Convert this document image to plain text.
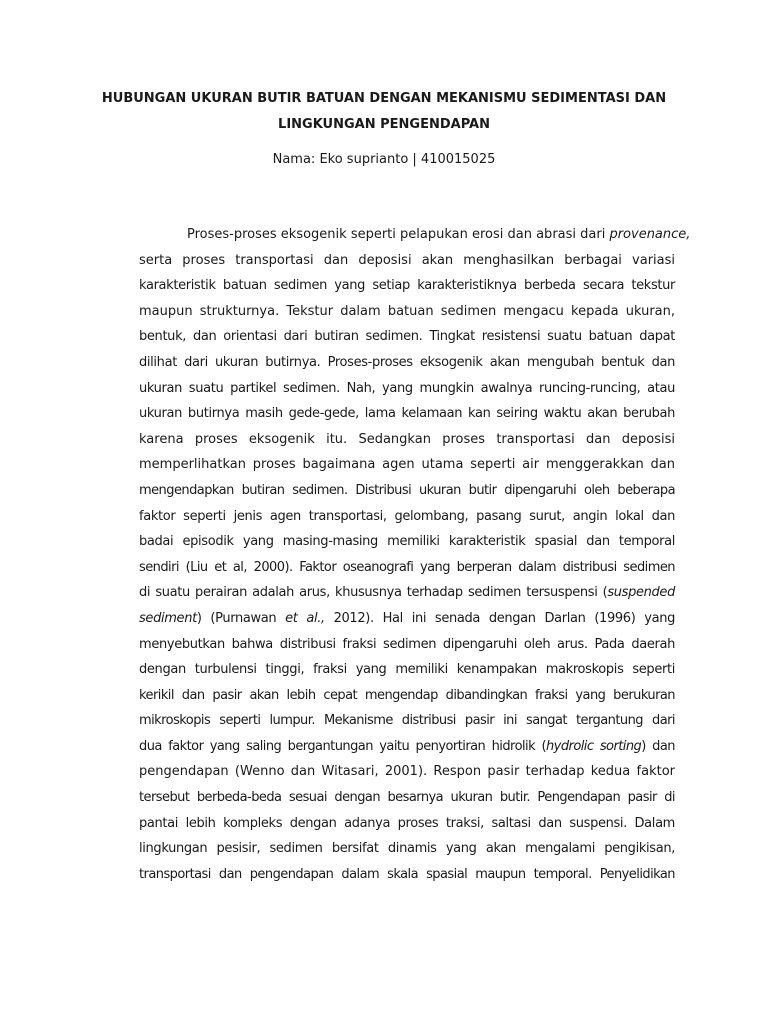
HUBUNGAN UKURAN BUTIR BATUAN DENGAN MEKANISMU SEDIMENTASI DAN
LINGKUNGAN PENGENDAPAN
Nama: Eko suprianto | 410015025
Proses-proses eksogenik seperti pelapukan erosi dan abrasi dari provenance,
serta proses transportasi dan deposisi akan menghasilkan berbagai variasi
karakteristik batuan sedimen yang setiap karakteristiknya berbeda secara tekstur
maupun strukturnya. Tekstur dalam batuan sedimen mengacu kepada ukuran,
bentuk, dan orientasi dari butiran sedimen. Tingkat resistensi suatu batuan dapat
dilihat dari ukuran butirnya. Proses-proses eksogenik akan mengubah bentuk dan
ukuran suatu partikel sedimen. Nah, yang mungkin awalnya runcing-runcing, atau
ukuran butirnya masih gede-gede, lama kelamaan kan seiring waktu akan berubah
karena proses eksogenik itu. Sedangkan proses transportasi dan deposisi
memperlihatkan proses bagaimana agen utama seperti air menggerakkan dan
mengendapkan butiran sedimen. Distribusi ukuran butir dipengaruhi oleh beberapa
faktor seperti jenis agen transportasi, gelombang, pasang surut, angin lokal dan
badai episodik yang masing-masing memiliki karakteristik spasial dan temporal
sendiri (Liu et al, 2000). Faktor oseanografi yang berperan dalam distribusi sedimen
di suatu perairan adalah arus, khususnya terhadap sedimen tersuspensi (suspended
sediment) (Purnawan et al., 2012). Hal ini senada dengan Darlan (1996) yang
menyebutkan bahwa distribusi fraksi sedimen dipengaruhi oleh arus. Pada daerah
dengan turbulensi tinggi, fraksi yang memiliki kenampakan makroskopis seperti
kerikil dan pasir akan lebih cepat mengendap dibandingkan fraksi yang berukuran
mikroskopis seperti lumpur. Mekanisme distribusi pasir ini sangat tergantung dari
dua faktor yang saling bergantungan yaitu penyortiran hidrolik (hydrolic sorting) dan
pengendapan (Wenno dan Witasari, 2001). Respon pasir terhadap kedua faktor
tersebut berbeda-beda sesuai dengan besarnya ukuran butir. Pengendapan pasir di
pantai lebih kompleks dengan adanya proses traksi, saltasi dan suspensi. Dalam
lingkungan pesisir, sedimen bersifat dinamis yang akan mengalami pengikisan,
transportasi dan pengendapan dalam skala spasial maupun temporal. Penyelidikan
